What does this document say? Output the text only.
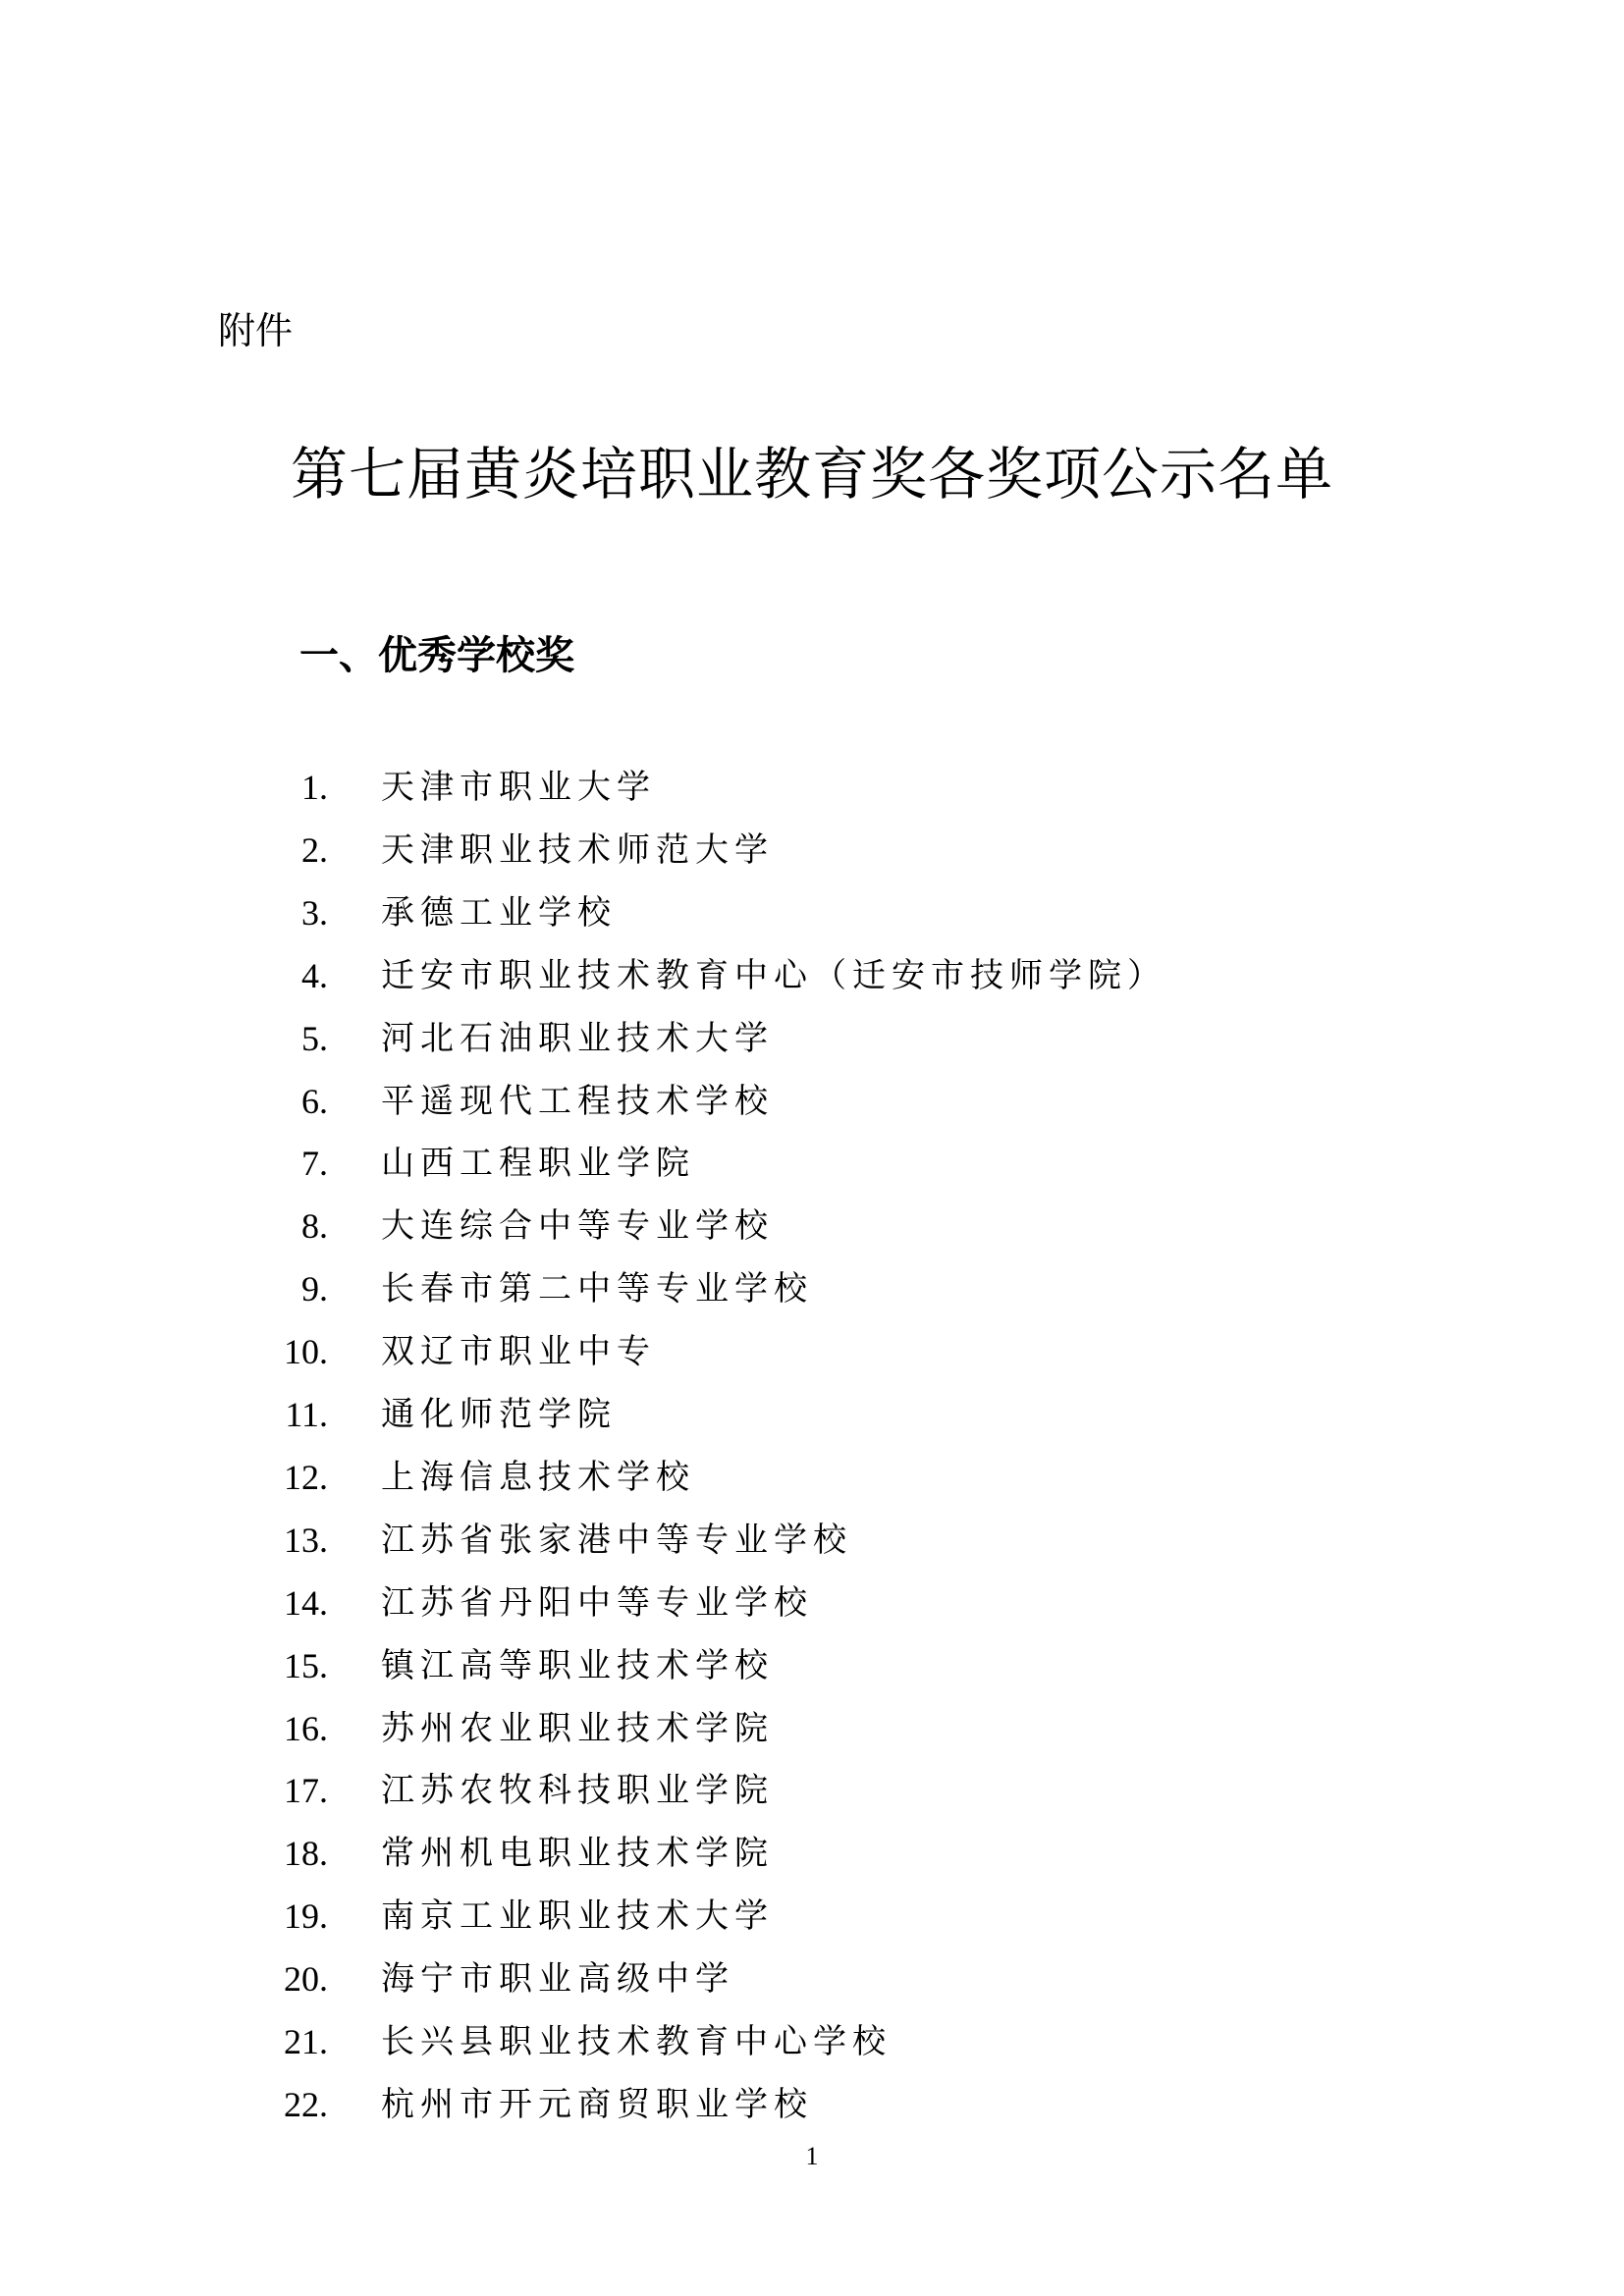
附件
第七届黄炎培职业教育奖各奖项公示名单
一、优秀学校奖
1. 天津市职业大学
2. 天津职业技术师范大学
3. 承德工业学校
4. 迁安市职业技术教育中心（迁安市技师学院）
5. 河北石油职业技术大学
6. 平遥现代工程技术学校
7. 山西工程职业学院
8. 大连综合中等专业学校
9. 长春市第二中等专业学校
10. 双辽市职业中专
11. 通化师范学院
12. 上海信息技术学校
13. 江苏省张家港中等专业学校
14. 江苏省丹阳中等专业学校
15. 镇江高等职业技术学校
16. 苏州农业职业技术学院
17. 江苏农牧科技职业学院
18. 常州机电职业技术学院
19. 南京工业职业技术大学
20. 海宁市职业高级中学
21. 长兴县职业技术教育中心学校
22. 杭州市开元商贸职业学校
1
